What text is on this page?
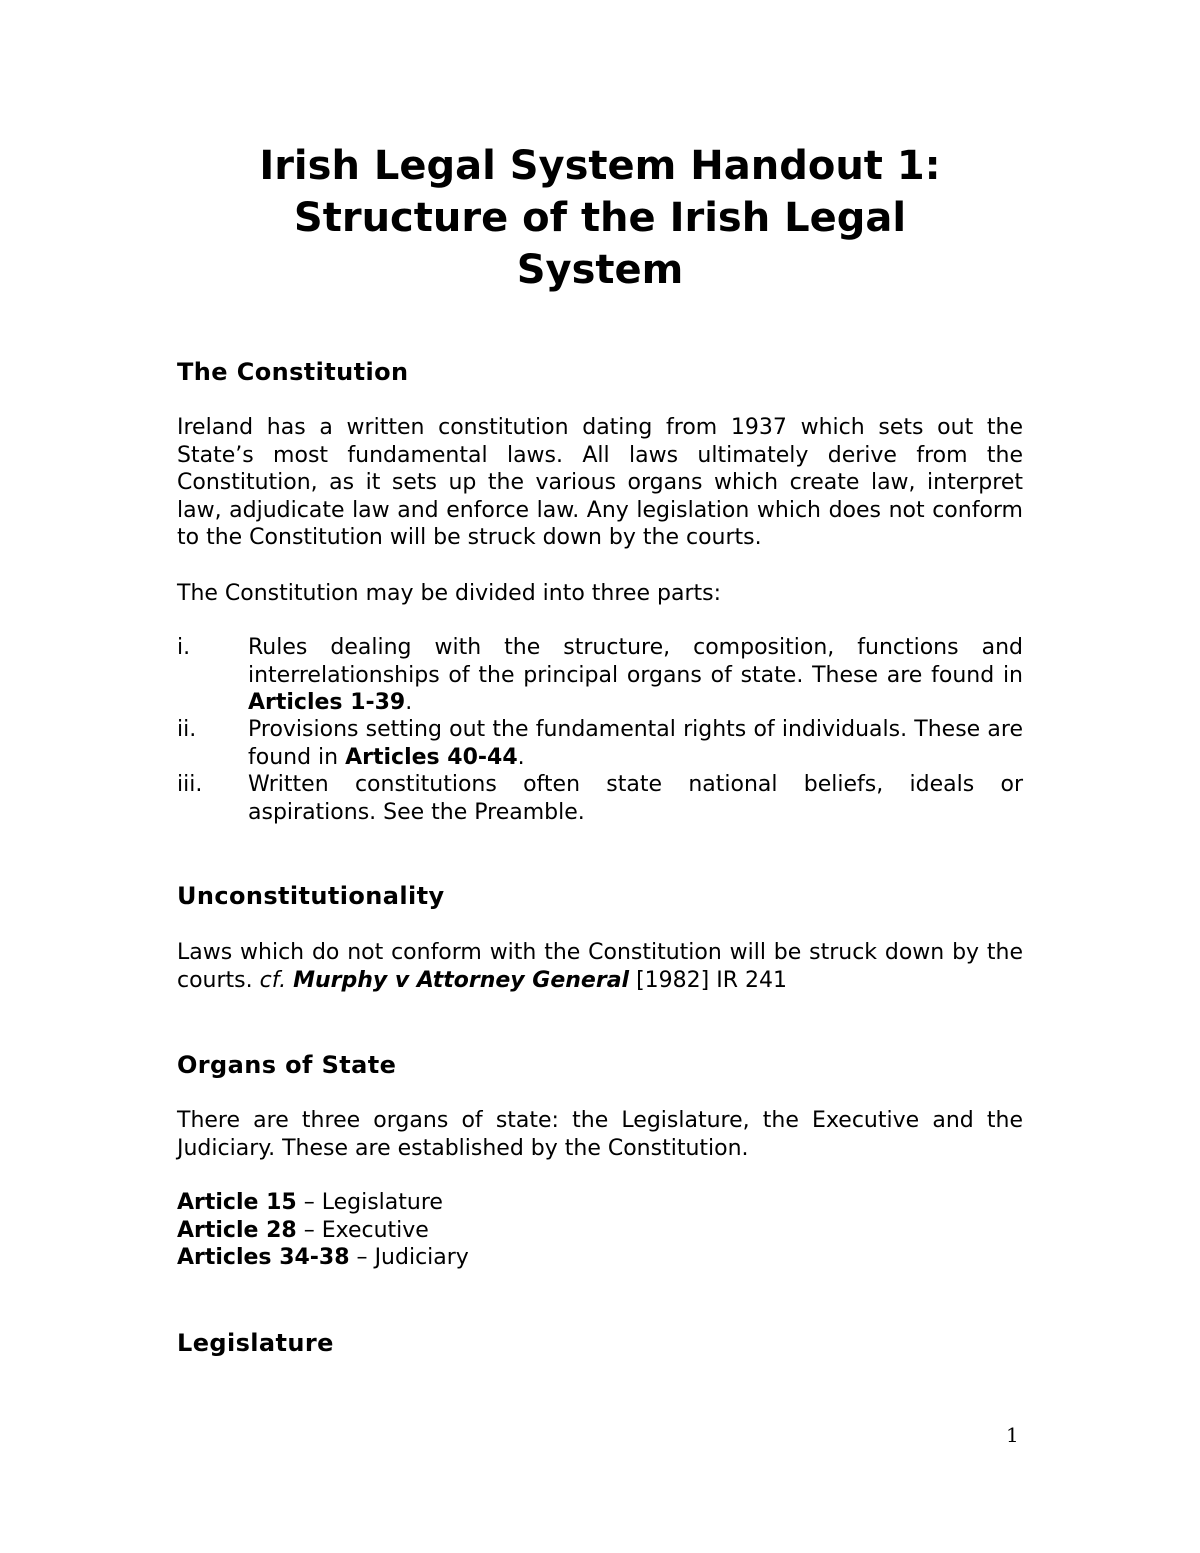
Irish Legal System Handout 1:
Structure of the Irish Legal
System
The Constitution
Ireland has a written constitution dating from 1937 which sets out the State’s most fundamental laws. All laws ultimately derive from the Constitution, as it sets up the various organs which create law, interpret law, adjudicate law and enforce law. Any legislation which does not conform to the Constitution will be struck down by the courts.
The Constitution may be divided into three parts:
i.	Rules dealing with the structure, composition, functions and interrelationships of the principal organs of state. These are found in Articles 1-39.
ii. Provisions setting out the fundamental rights of individuals. These are found in Articles 40-44.
iii. Written constitutions often state national beliefs, ideals or aspirations. See the Preamble.
Unconstitutionality
Laws which do not conform with the Constitution will be struck down by the courts. cf. Murphy v Attorney General [1982] IR 241
Organs of State
There are three organs of state: the Legislature, the Executive and the Judiciary. These are established by the Constitution.
Article 15 – Legislature
Article 28 – Executive
Articles 34-38 – Judiciary
Legislature
1
